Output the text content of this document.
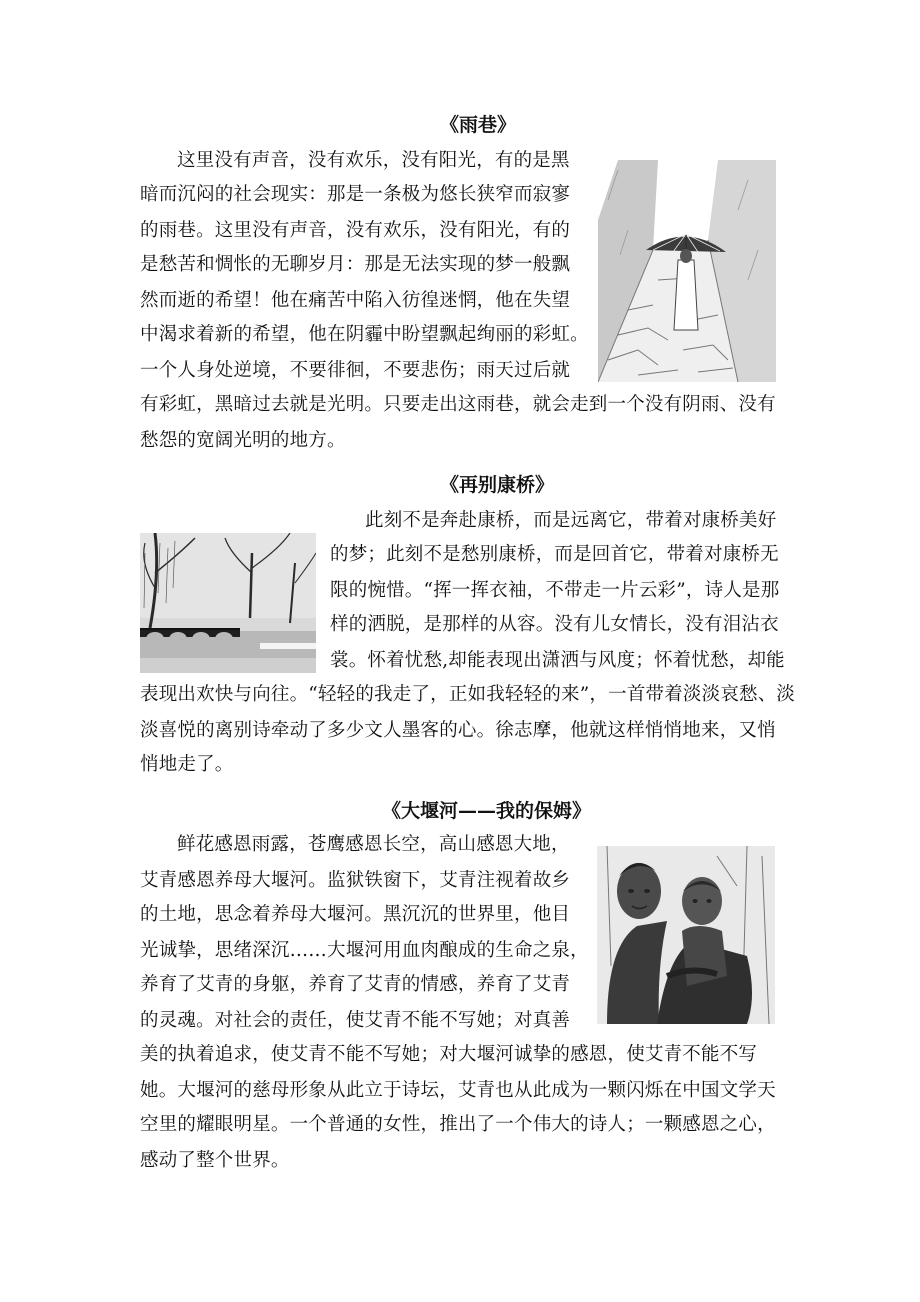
《雨巷》
这里没有声音，没有欢乐，没有阳光，有的是黑
暗而沉闷的社会现实：那是一条极为悠长狭窄而寂寥
的雨巷。这里没有声音，没有欢乐，没有阳光，有的
是愁苦和惆怅的无聊岁月：那是无法实现的梦一般飘
然而逝的希望！他在痛苦中陷入彷徨迷惘，他在失望
中渴求着新的希望，他在阴霾中盼望飘起绚丽的彩虹。
一个人身处逆境，不要徘徊，不要悲伤；雨天过后就
有彩虹，黑暗过去就是光明。只要走出这雨巷，就会走到一个没有阴雨、没有
愁怨的宽阔光明的地方。
《再别康桥》
此刻不是奔赴康桥，而是远离它，带着对康桥美好
的梦；此刻不是愁别康桥，而是回首它，带着对康桥无
限的惋惜。“挥一挥衣袖，不带走一片云彩”，诗人是那
样的洒脱，是那样的从容。没有儿女情长，没有泪沾衣
裳。怀着忧愁,却能表现出潇洒与风度；怀着忧愁，却能
表现出欢快与向往。“轻轻的我走了，正如我轻轻的来”，一首带着淡淡哀愁、淡
淡喜悦的离别诗牵动了多少文人墨客的心。徐志摩，他就这样悄悄地来，又悄
悄地走了。
《大堰河——我的保姆》
鲜花感恩雨露，苍鹰感恩长空，高山感恩大地，
艾青感恩养母大堰河。监狱铁窗下，艾青注视着故乡
的土地，思念着养母大堰河。黑沉沉的世界里，他目
光诚挚，思绪深沉……大堰河用血肉酿成的生命之泉，
养育了艾青的身躯，养育了艾青的情感，养育了艾青
的灵魂。对社会的责任，使艾青不能不写她；对真善
美的执着追求，使艾青不能不写她；对大堰河诚挚的感恩，使艾青不能不写
她。大堰河的慈母形象从此立于诗坛，艾青也从此成为一颗闪烁在中国文学天
空里的耀眼明星。一个普通的女性，推出了一个伟大的诗人；一颗感恩之心，
感动了整个世界。
